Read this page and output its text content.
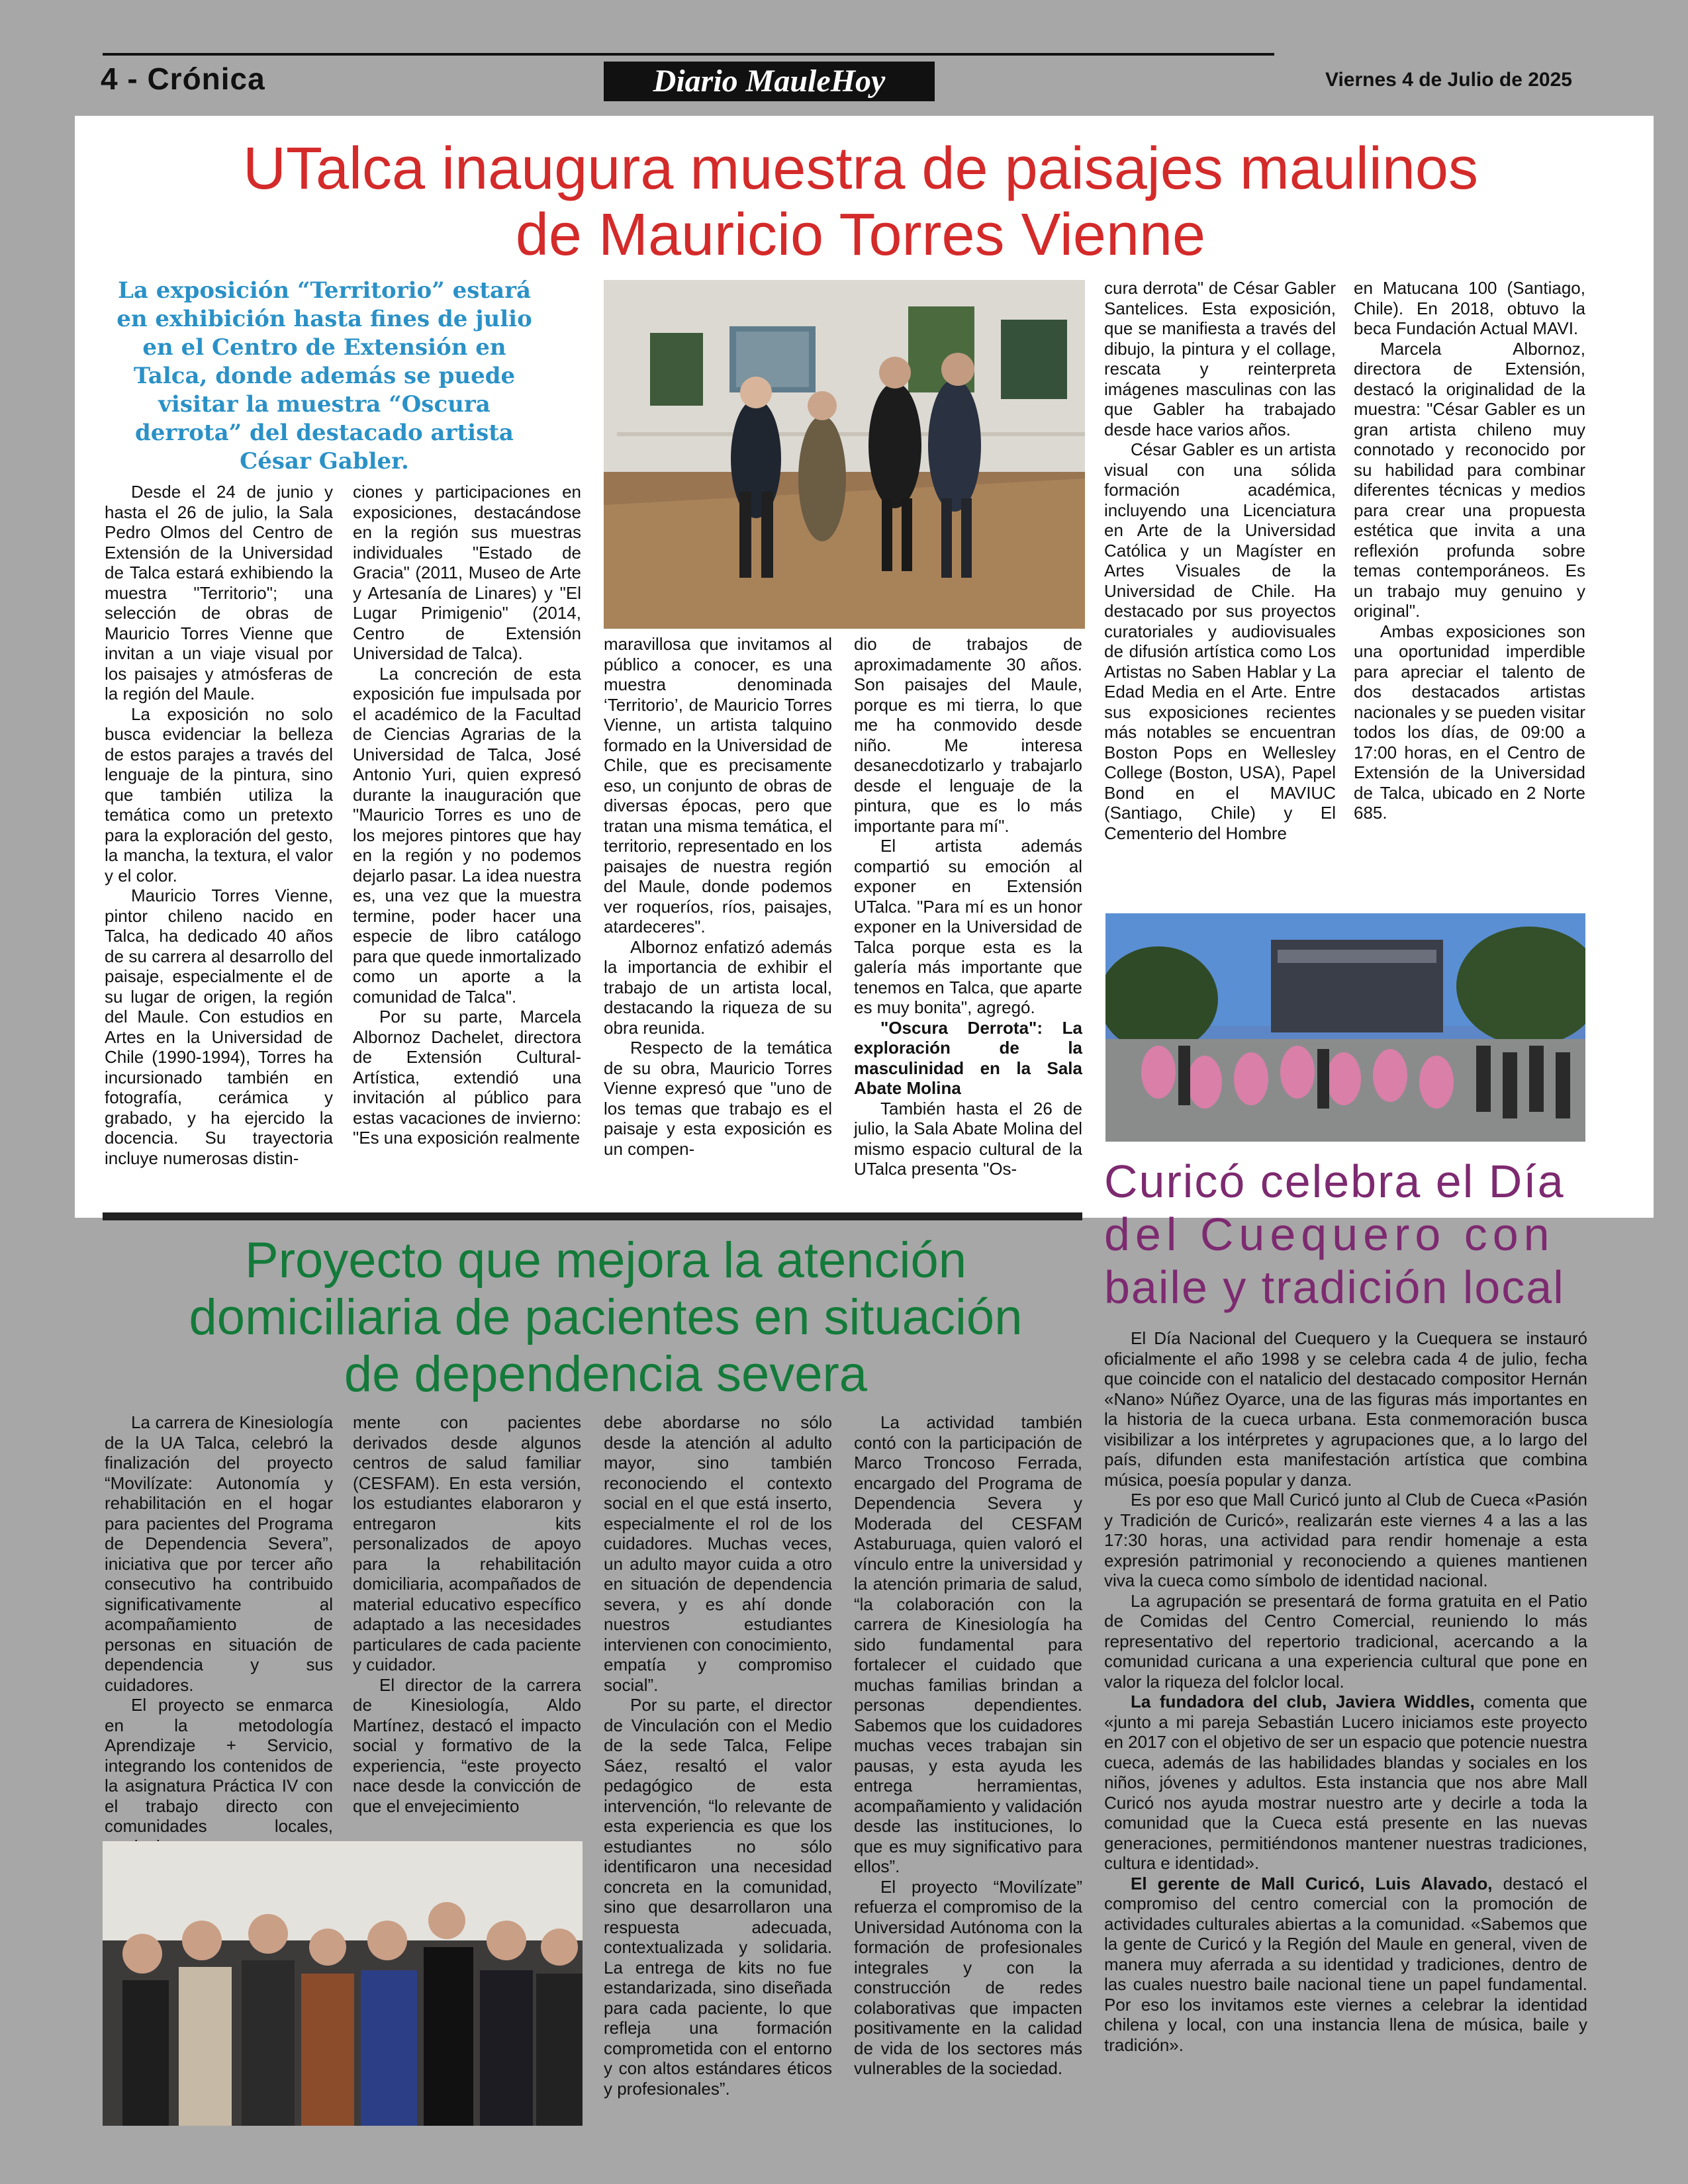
4 - Crónica	Diario MauleHoy	Viernes 4 de Julio de 2025
UTalca inaugura muestra de paisajes maulinos
de Mauricio Torres Vienne
La exposición “Territorio” estará en exhibición hasta fines de julio en el Centro de Extensión en Talca, donde además se puede visitar la muestra “Oscura derrota” del destacado artista César Gabler.

Desde el 24 de junio y hasta el 26 de julio, la Sala Pedro Olmos del Centro de Extensión de la Universidad de Talca estará exhibiendo la muestra "Territorio"; una selección de obras de Mauricio Torres Vienne que invitan a un viaje visual por los paisajes y atmósferas de la región del Maule.

La exposición no solo busca evidenciar la belleza de estos parajes a través del lenguaje de la pintura, sino que también utiliza la temática como un pretexto para la exploración del gesto, la mancha, la textura, el valor y el color.

Mauricio Torres Vienne, pintor chileno nacido en Talca, ha dedicado 40 años de su carrera al desarrollo del paisaje, especialmente el de su lugar de origen, la región del Maule. Con estudios en Artes en la Universidad de Chile (1990-1994), Torres ha incursionado también en fotografía, cerámica y grabado, y ha ejercido la docencia. Su trayectoria incluye numerosas distin-

ciones y participaciones en exposiciones, destacándose en la región sus muestras individuales "Estado de Gracia" (2011, Museo de Arte y Artesanía de Linares) y "El Lugar Primigenio" (2014, Centro de Extensión Universidad de Talca).

La concreción de esta exposición fue impulsada por el académico de la Facultad de Ciencias Agrarias de la Universidad de Talca, José Antonio Yuri, quien expresó durante la inauguración que "Mauricio Torres es uno de los mejores pintores que hay en la región y no podemos dejarlo pasar. La idea nuestra es, una vez que la muestra termine, poder hacer una especie de libro catálogo para que quede inmortalizado como un aporte a la comunidad de Talca".

Por su parte, Marcela Albornoz Dachelet, directora de Extensión Cultural-Artística, extendió una invitación al público para estas vacaciones de invierno: "Es una exposición realmente

maravillosa que invitamos al público a conocer, es una muestra denominada ‘Territorio’, de Mauricio Torres Vienne, un artista talquino formado en la Universidad de Chile, que es precisamente eso, un conjunto de obras de diversas épocas, pero que tratan una misma temática, el territorio, representado en los paisajes de nuestra región del Maule, donde podemos ver roqueríos, ríos, paisajes, atardeceres".

Albornoz enfatizó además la importancia de exhibir el trabajo de un artista local, destacando la riqueza de su obra reunida.

Respecto de la temática de su obra, Mauricio Torres Vienne expresó que "uno de los temas que trabajo es el paisaje y esta exposición es un compen-

dio de trabajos de aproximadamente 30 años. Son paisajes del Maule, porque es mi tierra, lo que me ha conmovido desde niño. Me interesa desanecdotizarlo y trabajarlo desde el lenguaje de la pintura, que es lo más importante para mí".

El artista además compartió su emoción al exponer en Extensión UTalca. "Para mí es un honor exponer en la Universidad de Talca porque esta es la galería más importante que tenemos en Talca, que aparte es muy bonita", agregó.

"Oscura Derrota": La exploración de la masculinidad en la Sala Abate Molina

También hasta el 26 de julio, la Sala Abate Molina del mismo espacio cultural de la UTalca presenta "Os-

cura derrota" de César Gabler Santelices. Esta exposición, que se manifiesta a través del dibujo, la pintura y el collage, rescata y reinterpreta imágenes masculinas con las que Gabler ha trabajado desde hace varios años.

César Gabler es un artista visual con una sólida formación académica, incluyendo una Licenciatura en Arte de la Universidad Católica y un Magíster en Artes Visuales de la Universidad de Chile. Ha destacado por sus proyectos curatoriales y audiovisuales de difusión artística como Los Artistas no Saben Hablar y La Edad Media en el Arte. Entre sus exposiciones recientes más notables se encuentran Boston Pops en Wellesley College (Boston, USA), Papel Bond en el MAVIUC (Santiago, Chile) y El Cementerio del Hombre

en Matucana 100 (Santiago, Chile). En 2018, obtuvo la beca Fundación Actual MAVI.

Marcela Albornoz, directora de Extensión, destacó la originalidad de la muestra: "César Gabler es un gran artista chileno muy connotado y reconocido por su habilidad para combinar diferentes técnicas y medios para crear una propuesta estética que invita a una reflexión profunda sobre temas contemporáneos. Es un trabajo muy genuino y original".

Ambas exposiciones son una oportunidad imperdible para apreciar el talento de dos destacados artistas nacionales y se pueden visitar todos los días, de 09:00 a 17:00 horas, en el Centro de Extensión de la Universidad de Talca, ubicado en 2 Norte 685.

Curicó celebra el Día
del Cuequero con
baile y tradición local
Proyecto que mejora la atención
domiciliaria de pacientes en situación
de dependencia severa

La carrera de Kinesiología de la UA Talca, celebró la finalización del proyecto “Movilízate: Autonomía y rehabilitación en el hogar para pacientes del Programa de Dependencia Severa”, iniciativa que por tercer año consecutivo ha contribuido significativamente al acompañamiento de personas en situación de dependencia y sus cuidadores.

El proyecto se enmarca en la metodología Aprendizaje + Servicio, integrando los contenidos de la asignatura Práctica IV con el trabajo directo con comunidades locales,

mente con pacientes derivados desde algunos centros de salud familiar (CESFAM). En esta versión, los estudiantes elaboraron y entregaron kits personalizados de apoyo para la rehabilitación domiciliaria, acompañados de material educativo específico adaptado a las necesidades particulares de cada paciente y cuidador.

El director de la carrera de Kinesiología, Aldo Martínez, destacó el impacto social y formativo de la experiencia, “este proyecto nace desde la convicción de que el envejecimiento

debe abordarse no sólo desde la atención al adulto mayor, sino también reconociendo el contexto social en el que está inserto, especialmente el rol de los cuidadores. Muchas veces, un adulto mayor cuida a otro en situación de dependencia severa, y es ahí donde nuestros estudiantes intervienen con conocimiento, empatía y compromiso social”.

Por su parte, el director de Vinculación con el Medio de la sede Talca, Felipe Sáez, resaltó el valor pedagógico de esta intervención, “lo relevante de esta experiencia es que los estudiantes no sólo identificaron una necesidad concreta en la comunidad, sino que desarrollaron una respuesta adecuada, contextualizada y solidaria. La entrega de kits no fue estandarizada, sino diseñada para cada paciente, lo que refleja una formación comprometida con el entorno y con altos estándares éticos y profesionales”.

La actividad también contó con la participación de Marco Troncoso Ferrada, encargado del Programa de Dependencia Severa y Moderada del CESFAM Astaburuaga, quien valoró el vínculo entre la universidad y la atención primaria de salud, “la colaboración con la carrera de Kinesiología ha sido fundamental para fortalecer el cuidado que muchas familias brindan a personas dependientes. Sabemos que los cuidadores muchas veces trabajan sin pausas, y esta ayuda les entrega herramientas, acompañamiento y validación desde las instituciones, lo que es muy significativo para ellos”.

El proyecto “Movilízate” refuerza el compromiso de la Universidad Autónoma con la formación de profesionales integrales y con la construcción de redes colaborativas que impacten positivamente en la calidad de vida de los sectores más vulnerables de la sociedad.

El Día Nacional del Cuequero y la Cuequera se instauró oficialmente el año 1998 y se celebra cada 4 de julio, fecha que coincide con el natalicio del destacado compositor Hernán «Nano» Núñez Oyarce, una de las figuras más importantes en la historia de la cueca urbana. Esta conmemoración busca visibilizar a los intérpretes y agrupaciones que, a lo largo del país, difunden esta manifestación artística que combina música, poesía popular y danza.

Es por eso que Mall Curicó junto al Club de Cueca «Pasión y Tradición de Curicó», realizarán este viernes 4 a las a las 17:30 horas, una actividad para rendir homenaje a esta expresión patrimonial y reconociendo a quienes mantienen viva la cueca como símbolo de identidad nacional.

La agrupación se presentará de forma gratuita en el Patio de Comidas del Centro Comercial, reuniendo lo más representativo del repertorio tradicional, acercando a la comunidad curicana a una experiencia cultural que pone en valor la riqueza del folclor local.

La fundadora del club, Javiera Widdles, comenta que «junto a mi pareja Sebastián Lucero iniciamos este proyecto en 2017 con el objetivo de ser un espacio que potencie nuestra cueca, además de las habilidades blandas y sociales en los niños, jóvenes y adultos. Esta instancia que nos abre Mall Curicó nos ayuda mostrar nuestro arte y decirle a toda la comunidad que la Cueca está presente en las nuevas generaciones, permitiéndonos mantener nuestras tradiciones, cultura e identidad».

El gerente de Mall Curicó, Luis Alavado, destacó el compromiso del centro comercial con la promoción de actividades culturales abiertas a la comunidad. «Sabemos que la gente de Curicó y la Región del Maule en general, viven de manera muy aferrada a su identidad y tradiciones, dentro de las cuales nuestro baile nacional tiene un papel fundamental. Por eso los invitamos este viernes a celebrar la identidad chilena y local, con una instancia llena de música, baile y tradición».
